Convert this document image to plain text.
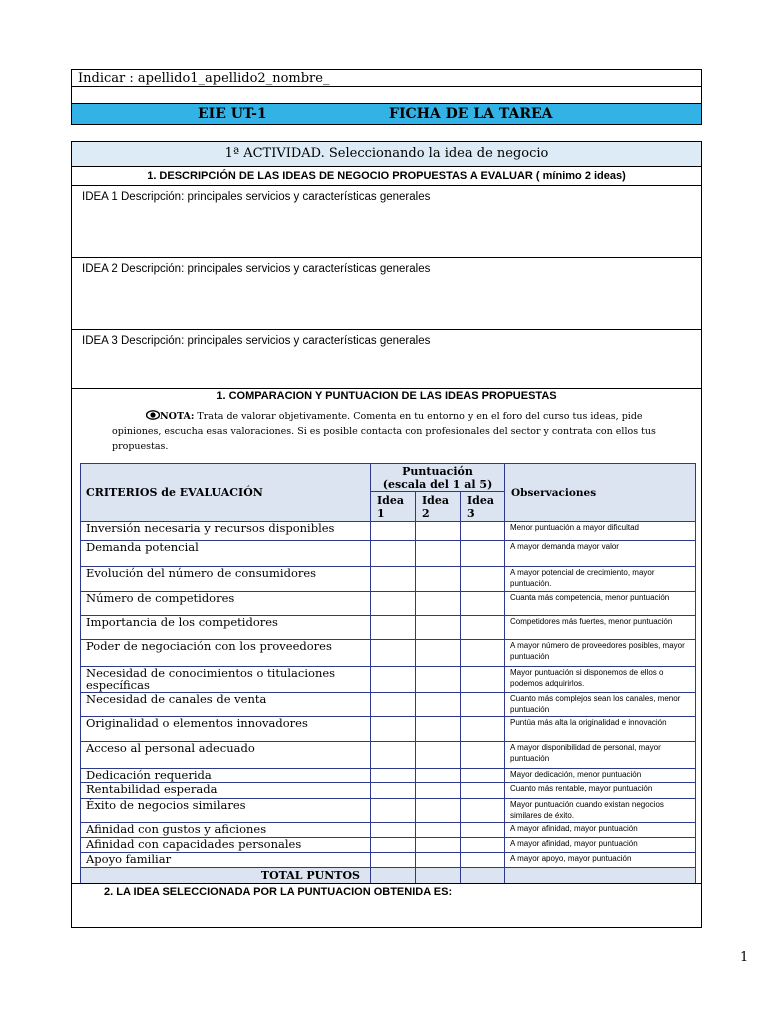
Indicar : apellido1_apellido2_nombre_
EIE UT-1	FICHA DE LA TAREA
1ª ACTIVIDAD. Seleccionando la idea de negocio
1. DESCRIPCIÓN DE LAS IDEAS DE NEGOCIO PROPUESTAS A EVALUAR ( mínimo 2 ideas)
IDEA 1 Descripción: principales servicios y características generales
IDEA 2 Descripción: principales servicios y características generales
IDEA 3 Descripción: principales servicios y características generales
1. COMPARACION Y PUNTUACION DE LAS IDEAS PROPUESTAS
NOTA: Trata de valorar objetivamente. Comenta en tu entorno y en el foro del curso tus ideas, pide opiniones, escucha esas valoraciones. Si es posible contacta con profesionales del sector y contrata con ellos tus propuestas.
CRITERIOS de EVALUACIÓN	Puntuación
(escala del 1 al 5)			Observaciones
	Idea 1	Idea 2	Idea 3	
Inversión necesaria y recursos disponibles				Menor puntuación a mayor dificultad
Demanda potencial				A mayor demanda mayor valor
Evolución del número de consumidores				A mayor potencial de crecimiento, mayor puntuación.
Número de competidores				Cuanta más competencia, menor puntuación
Importancia de los competidores				Competidores más fuertes, menor puntuación
Poder de negociación con los proveedores				A mayor número de proveedores posibles, mayor puntuación
Necesidad de conocimientos o titulaciones específicas				Mayor puntuación si disponemos de ellos o podemos adquirirlos.
Necesidad de canales de venta				Cuanto más complejos sean los canales, menor puntuación
Originalidad o elementos innovadores				Puntúa más alta la originalidad e innovación
Acceso al personal adecuado				A mayor disponibilidad de personal, mayor puntuación
Dedicación requerida				Mayor dedicación, menor puntuación
Rentabilidad esperada				Cuanto más rentable, mayor puntuación
Éxito de negocios similares				Mayor puntuación cuando existan negocios similares de éxito.
Afinidad con gustos y aficiones				A mayor afinidad, mayor puntuación
Afinidad con capacidades personales				A mayor afinidad, mayor puntuación
Apoyo familiar				A mayor apoyo, mayor puntuación
TOTAL PUNTOS				
2. LA IDEA SELECCIONADA POR LA PUNTUACION OBTENIDA ES:
1
